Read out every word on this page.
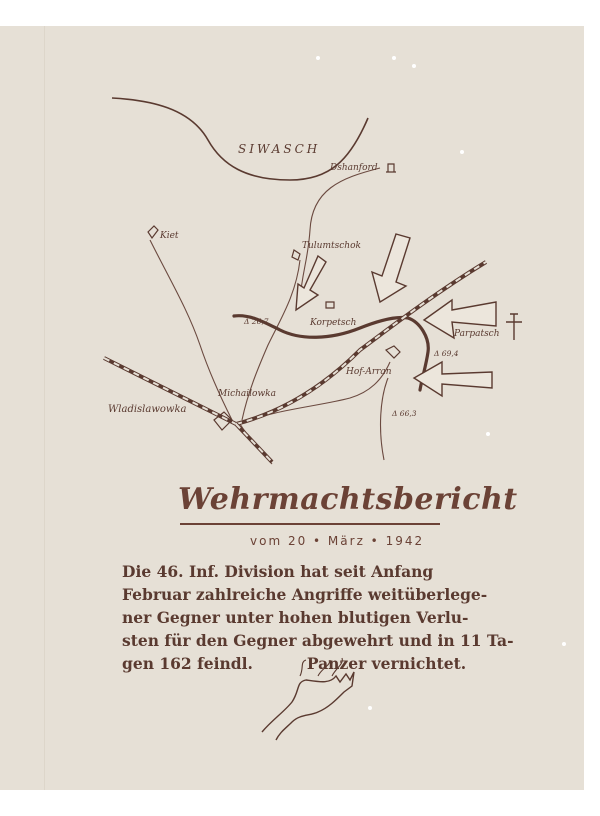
SIWASCH
Dshanford
Kiet
Tulumtschok
Korpetsch
Parpatsch
Michailowka
Wladislawowka
Hof-Arran
Δ 26,7
Δ 69,4
Δ 66,3
Wehrmachtsbericht
vom 20 • März • 1942
Die 46. Inf. Division hat seit Anfang
Februar zahlreiche Angriffe weitüberlege-
ner Gegner unter hohen blutigen Verlu-
sten für den Gegner abgewehrt und in 11 Ta-
gen 162 feindl.          Panzer vernichtet.
